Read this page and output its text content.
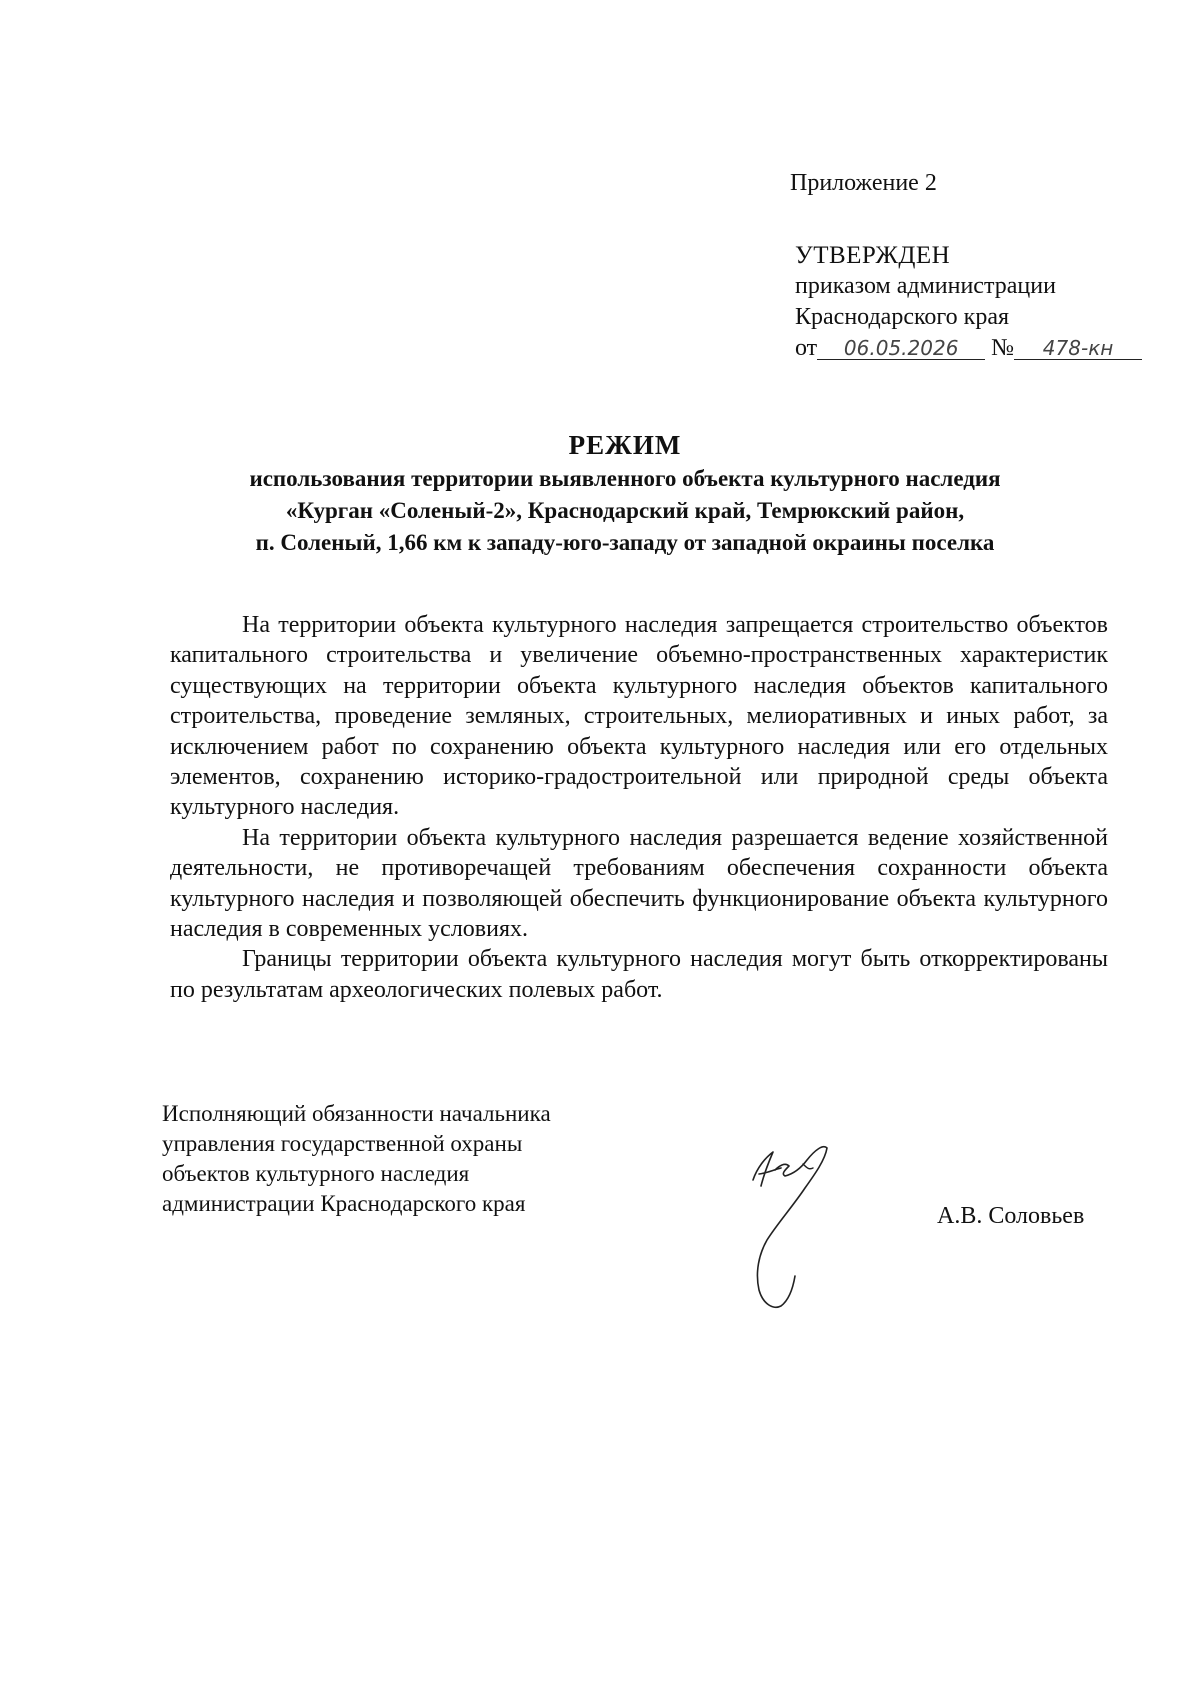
Приложение 2
УТВЕРЖДЕН
приказом администрации
Краснодарского края
от 06.05.2026 № 478-кн
РЕЖИМ
использования территории выявленного объекта культурного наследия
«Курган «Соленый-2», Краснодарский край, Темрюкский район,
п. Соленый, 1,66 км к западу-юго-западу от западной окраины поселка

На территории объекта культурного наследия запрещается строительство объектов капитального строительства и увеличение объемно-пространственных характеристик существующих на территории объекта культурного наследия объектов капитального строительства, проведение земляных, строительных, мелиоративных и иных работ, за исключением работ по сохранению объекта культурного наследия или его отдельных элементов, сохранению историко-градостроительной или природной среды объекта культурного наследия.

На территории объекта культурного наследия разрешается ведение хозяйственной деятельности, не противоречащей требованиям обеспечения сохранности объекта культурного наследия и позволяющей обеспечить функционирование объекта культурного наследия в современных условиях.

Границы территории объекта культурного наследия могут быть откорректированы по результатам археологических полевых работ.

Исполняющий обязанности начальника
управления государственной охраны
объектов культурного наследия
администрации Краснодарского края	А.В. Соловьев
